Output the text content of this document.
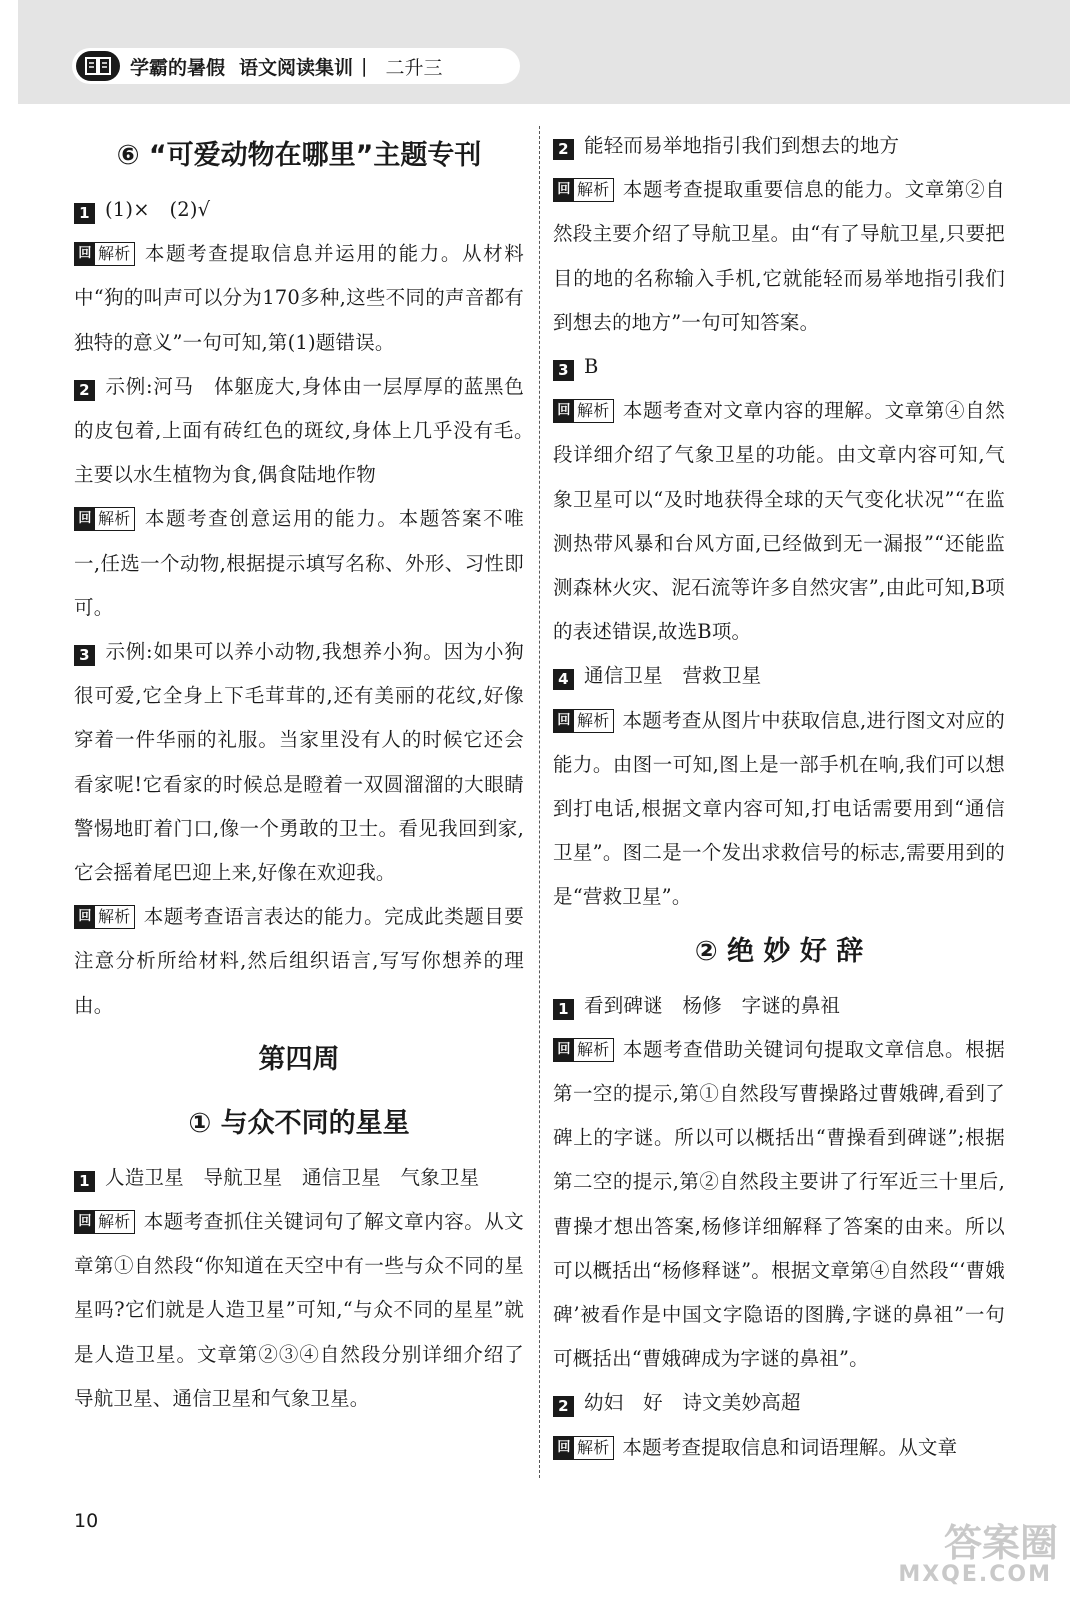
学霸的暑假 语文阅读集训 | 二升三
⑥ “可爱动物在哪里”主题专刊

1 (1)×　(2)√

回 解析 本题考查提取信息并运用的能力。从材料中“狗的叫声可以分为170多种,这些不同的声音都有独特的意义”一句可知,第(1)题错误。

2 示例:河马　体躯庞大,身体由一层厚厚的蓝黑色的皮包着,上面有砖红色的斑纹,身体上几乎没有毛。　主要以水生植物为食,偶食陆地作物

回 解析 本题考查创意运用的能力。本题答案不唯一,任选一个动物,根据提示填写名称、外形、习性即可。

3 示例:如果可以养小动物,我想养小狗。因为小狗很可爱,它全身上下毛茸茸的,还有美丽的花纹,好像穿着一件华丽的礼服。当家里没有人的时候它还会看家呢!它看家的时候总是瞪着一双圆溜溜的大眼睛警惕地盯着门口,像一个勇敢的卫士。看见我回到家,它会摇着尾巴迎上来,好像在欢迎我。

回 解析 本题考查语言表达的能力。完成此类题目要注意分析所给材料,然后组织语言,写写你想养的理由。

第四周
① 与众不同的星星

1 人造卫星　导航卫星　通信卫星　气象卫星

回 解析 本题考查抓住关键词句了解文章内容。从文章第①自然段“你知道在天空中有一些与众不同的星星吗?它们就是人造卫星”可知,“与众不同的星星”就是人造卫星。文章第②③④自然段分别详细介绍了导航卫星、通信卫星和气象卫星。

2 能轻而易举地指引我们到想去的地方

回 解析 本题考查提取重要信息的能力。文章第②自然段主要介绍了导航卫星。由“有了导航卫星,只要把目的地的名称输入手机,它就能轻而易举地指引我们到想去的地方”一句可知答案。

3 B

回 解析 本题考查对文章内容的理解。文章第④自然段详细介绍了气象卫星的功能。由文章内容可知,气象卫星可以“及时地获得全球的天气变化状况”“在监测热带风暴和台风方面,已经做到无一漏报”“还能监测森林火灾、泥石流等许多自然灾害”,由此可知,B项的表述错误,故选B项。

4 通信卫星　营救卫星

回 解析 本题考查从图片中获取信息,进行图文对应的能力。由图一可知,图上是一部手机在响,我们可以想到打电话,根据文章内容可知,打电话需要用到“通信卫星”。图二是一个发出求救信号的标志,需要用到的是“营救卫星”。

② 绝 妙 好 辞

1 看到碑谜　杨修　字谜的鼻祖

回 解析 本题考查借助关键词句提取文章信息。根据第一空的提示,第①自然段写曹操路过曹娥碑,看到了碑上的字谜。所以可以概括出“曹操看到碑谜”;根据第二空的提示,第②自然段主要讲了行军近三十里后,曹操才想出答案,杨修详细解释了答案的由来。所以可以概括出“杨修释谜”。根据文章第④自然段“‘曹娥碑’被看作是中国文字隐语的图腾,字谜的鼻祖”一句可概括出“曹娥碑成为字谜的鼻祖”。

2 幼妇　好　诗文美妙高超

回 解析 本题考查提取信息和词语理解。从文章

10	答案圈
MXQE.COM
